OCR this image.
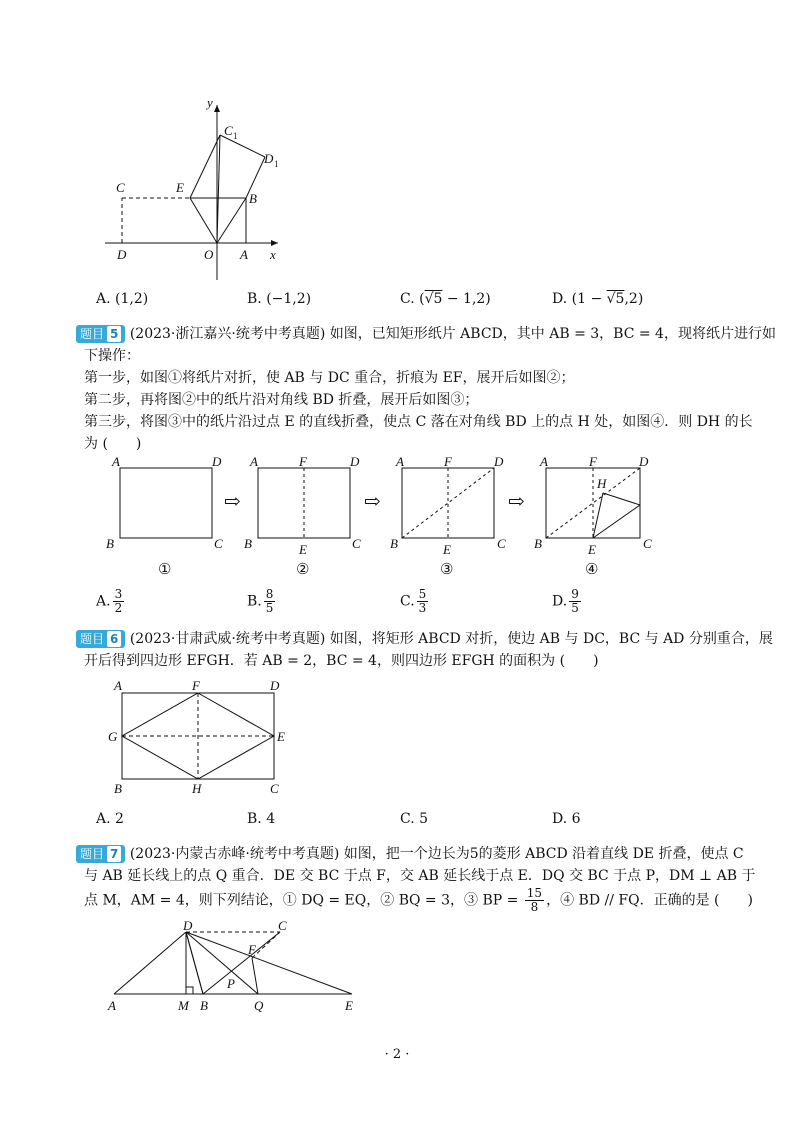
y
x
O A
B
C
D
E
C 1
D 1
A. (1,2)	B. (−1,2)	C. (√5 − 1,2)	D. (1 − √5,2)
题目 5 (2023·浙江嘉兴·统考中考真题) 如图，已知矩形纸片 ABCD，其中 AB = 3，BC = 4，现将纸片进行如
下操作：
第一步，如图①将纸片对折，使 AB 与 DC 重合，折痕为 EF，展开后如图②；
第二步，再将图②中的纸片沿对角线 BD 折叠，展开后如图③；
第三步，将图③中的纸片沿过点 E 的直线折叠，使点 C 落在对角线 BD 上的点 H 处，如图④．则 DH 的长
为 (　　)
A	D
B	C
①
⇨
A	F	D
B	E	C
②
⇨
A	F	D
B	E	C
③
⇨
A	F	D
H
B	E	C
④
A. $\frac{3}{2}$	B. $\frac{8}{5}$	C. $\frac{5}{3}$	D. $\frac{9}{5}$
题目 6 (2023·甘肃武威·统考中考真题) 如图，将矩形 ABCD 对折，使边 AB 与 DC，BC 与 AD 分别重合，展
开后得到四边形 EFGH．若 AB = 2，BC = 4，则四边形 EFGH 的面积为 (　　)
A	F	D
G	E
B	H	C
A. 2	B. 4	C. 5	D. 6
题目 7 (2023·内蒙古赤峰·统考中考真题) 如图，把一个边长为5的菱形 ABCD 沿着直线 DE 折叠，使点 C
与 AB 延长线上的点 Q 重合．DE 交 BC 于点 F，交 AB 延长线于点 E．DQ 交 BC 于点 P，DM ⊥ AB 于
点 M，AM = 4，则下列结论，① DQ = EQ，② BQ = 3，③ BP = $\frac{15}{8}$ ，④ BD // FQ．正确的是 (　　)
D	C
F
P
A	M B	Q	E
· 2 ·
